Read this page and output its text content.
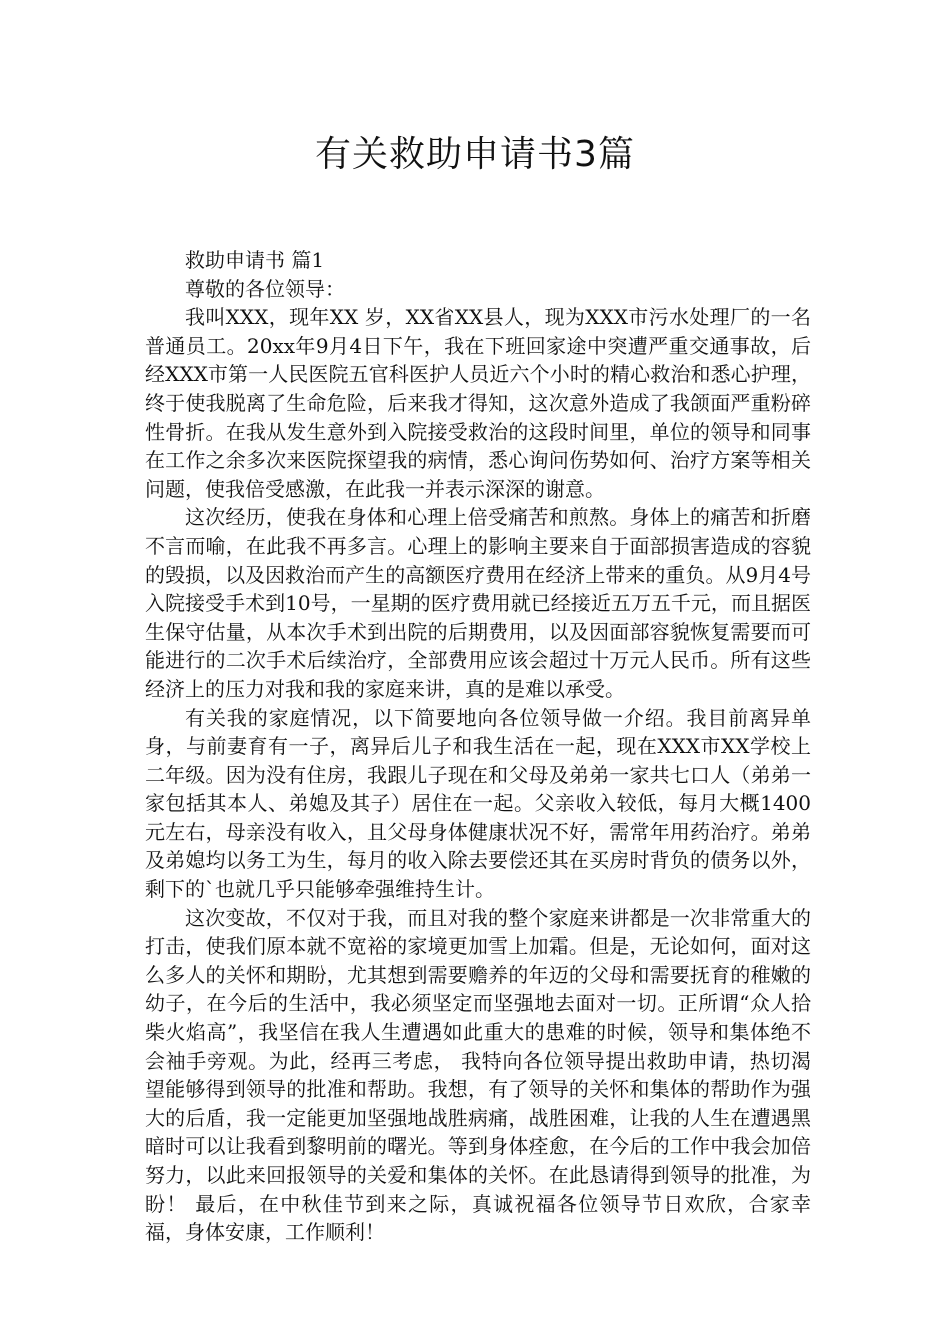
有关救助申请书3篇

救助申请书 篇1

尊敬的各位领导：

我叫XXX，现年XX 岁，XX省XX县人，现为XXX市污水处理厂的一名普通员工。20xx年9月4日下午，我在下班回家途中突遭严重交通事故，后经XXX市第一人民医院五官科医护人员近六个小时的精心救治和悉心护理，终于使我脱离了生命危险，后来我才得知，这次意外造成了我颌面严重粉碎性骨折。在我从发生意外到入院接受救治的这段时间里，单位的领导和同事在工作之余多次来医院探望我的病情，悉心询问伤势如何、治疗方案等相关问题，使我倍受感激，在此我一并表示深深的谢意。

这次经历，使我在身体和心理上倍受痛苦和煎熬。身体上的痛苦和折磨不言而喻，在此我不再多言。心理上的影响主要来自于面部损害造成的容貌的毁损，以及因救治而产生的高额医疗费用在经济上带来的重负。从9月4号入院接受手术到10号，一星期的医疗费用就已经接近五万五千元，而且据医生保守估量，从本次手术到出院的后期费用，以及因面部容貌恢复需要而可能进行的二次手术后续治疗，全部费用应该会超过十万元人民币。所有这些经济上的压力对我和我的家庭来讲，真的是难以承受。

有关我的家庭情况，以下简要地向各位领导做一介绍。我目前离异单身，与前妻育有一子，离异后儿子和我生活在一起，现在XXX市XX学校上二年级。因为没有住房，我跟儿子现在和父母及弟弟一家共七口人（弟弟一家包括其本人、弟媳及其子）居住在一起。父亲收入较低，每月大概1400元左右，母亲没有收入，且父母身体健康状况不好，需常年用药治疗。弟弟及弟媳均以务工为生，每月的收入除去要偿还其在买房时背负的债务以外，剩下的`也就几乎只能够牵强维持生计。

这次变故，不仅对于我，而且对我的整个家庭来讲都是一次非常重大的打击，使我们原本就不宽裕的家境更加雪上加霜。但是，无论如何，面对这么多人的关怀和期盼，尤其想到需要赡养的年迈的父母和需要抚育的稚嫩的幼子，在今后的生活中，我必须坚定而坚强地去面对一切。正所谓“众人拾柴火焰高”，我坚信在我人生遭遇如此重大的患难的时候，领导和集体绝不会袖手旁观。为此，经再三考虑， 我特向各位领导提出救助申请，热切渴望能够得到领导的批准和帮助。我想，有了领导的关怀和集体的帮助作为强大的后盾，我一定能更加坚强地战胜病痛，战胜困难，让我的人生在遭遇黑暗时可以让我看到黎明前的曙光。等到身体痊愈，在今后的工作中我会加倍努力，以此来回报领导的关爱和集体的关怀。在此恳请得到领导的批准，为盼！ 最后，在中秋佳节到来之际，真诚祝福各位领导节日欢欣，合家幸福，身体安康，工作顺利！
